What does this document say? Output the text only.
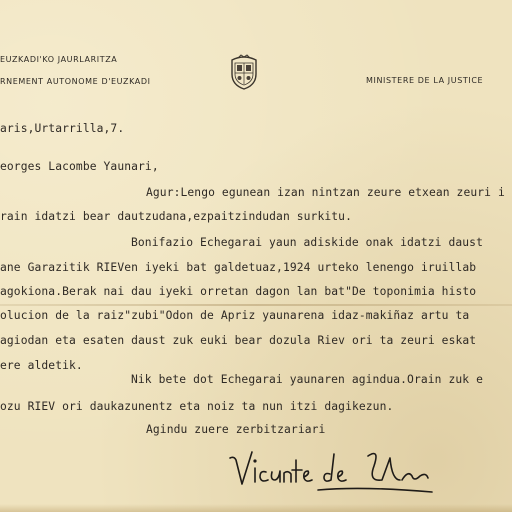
EUZKADI'KO JAURLARITZA
RNEMENT AUTONOME D'EUZKADI	MINISTERE DE LA JUSTICE
aris,Urtarrilla,7.
eorges Lacombe Yaunari,
Agur:Lengo egunean izan nintzan zeure etxean zeuri i
rain idatzi bear dautzudana,ezpaitzindudan surkitu.
Bonifazio Echegarai yaun adiskide onak idatzi daust
ane Garazitik RIEVen iyeki bat galdetuaz,1924 urteko lenengo iruillab
agokiona.Berak nai dau iyeki orretan dagon lan bat"De toponimia histo
olucion de la raiz"zubi"Odon de Apriz yaunarena idaz-makiñaz artu ta
agiodan eta esaten daust zuk euki bear dozula Riev ori ta zeuri eskat
ere aldetik.
Nik bete dot Echegarai yaunaren agindua.Orain zuk e
ozu RIEV ori daukazunentz eta noiz ta nun itzi dagikezun.
Agindu zuere zerbitzariari
